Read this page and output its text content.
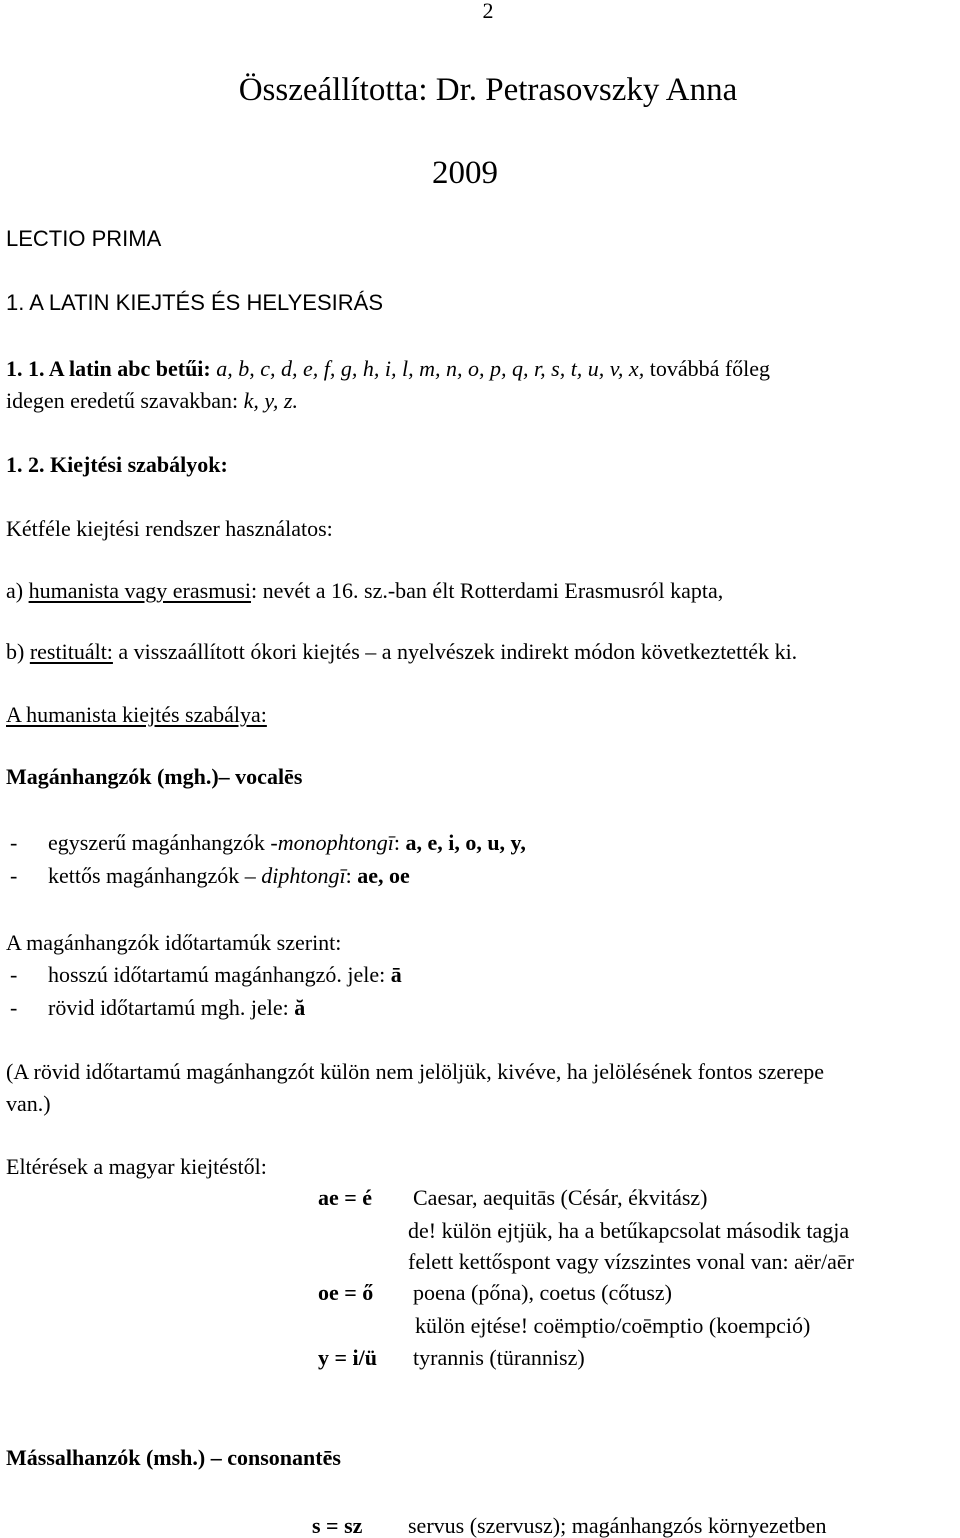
2
Összeállította: Dr. Petrasovszky Anna
2009
LECTIO PRIMA
1. A LATIN KIEJTÉS ÉS HELYESIRÁS
1. 1. A latin abc betűi: a, b, c, d, e, f, g, h, i, l, m, n, o, p, q, r, s, t, u, v, x, továbbá főleg
idegen eredetű szavakban: k, y, z.
1. 2. Kiejtési szabályok:
Kétféle kiejtési rendszer használatos:
a) humanista vagy erasmusi: nevét a 16. sz.-ban élt Rotterdami Erasmusról kapta,
b) restituált: a visszaállított ókori kiejtés – a nyelvészek indirekt módon következtették ki.
A humanista kiejtés szabálya:
Magánhangzók (mgh.)– vocalēs
- egyszerű magánhangzók -monophtongī: a, e, i, o, u, y,
- kettős magánhangzók – diphtongī: ae, oe
A magánhangzók időtartamúk szerint:
- hosszú időtartamú magánhangzó. jele: ā
- rövid időtartamú mgh. jele: ă
(A rövid időtartamú magánhangzót külön nem jelöljük, kivéve, ha jelölésének fontos szerepe
van.)
Eltérések a magyar kiejtéstől:
ae = é Caesar, aequitās (Césár, ékvitász)
de! külön ejtjük, ha a betűkapcsolat második tagja
felett kettőspont vagy vízszintes vonal van: aër/aēr
oe = ő poena (pőna), coetus (cőtusz)
külön ejtése! coëmptio/coēmptio (koempció)
y = i/ü tyrannis (türannisz)
Mássalhanzók (msh.) – consonantēs
s = sz servus (szervusz); magánhangzós környezetben
